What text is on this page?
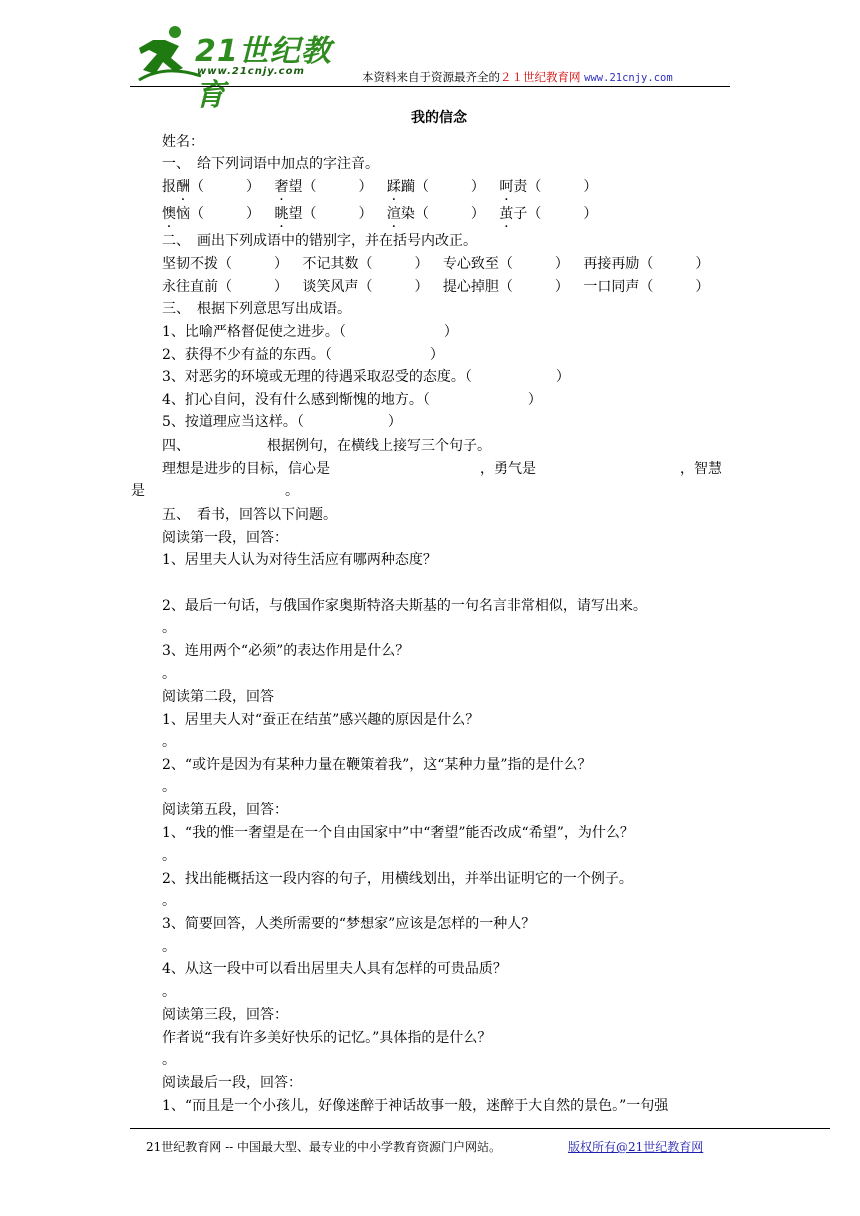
21世纪教育
www.21cnjy.com	本资料来自于资源最齐全的２１世纪教育网 www.21cnjy.com
我的信念
姓名：
一、　给下列词语中加点的字注音。
报酬（　　　） 奢望（　　　） 蹂躏（　　　） 呵责（　　　）
懊恼（　　　） 眺望（　　　） 渲染（　　　） 茧子（　　　）
二、　画出下列成语中的错别字，并在括号内改正。
坚韧不拨（　　　） 不记其数（　　　） 专心致至（　　　） 再接再励（　　　）
永往直前（　　　） 谈笑风声（　　　） 提心掉胆（　　　） 一口同声（　　　）
三、　根据下列意思写出成语。
1、比喻严格督促使之进步。（　　　　　　　）
2、获得不少有益的东西。（　　　　　　　）
3、对恶劣的环境或无理的待遇采取忍受的态度。（　　　　　　）
4、扪心自问，没有什么感到惭愧的地方。（　　　　　　　）
5、按道理应当这样。（　　　　　　）
四、　　　　　　根据例句，在横线上接写三个句子。
理想是进步的目标，信心是	，勇气是	，智慧
是　　　　　　　　　　。
五、　看书，回答以下问题。
阅读第一段，回答：
1、居里夫人认为对待生活应有哪两种态度？
2、最后一句话，与俄国作家奥斯特洛夫斯基的一句名言非常相似，请写出来。
。
3、连用两个“必须”的表达作用是什么？
。
阅读第二段，回答
1、居里夫人对“蚕正在结茧”感兴趣的原因是什么？
。
2、“或许是因为有某种力量在鞭策着我”，这“某种力量”指的是什么？
。
阅读第五段，回答：
1、“我的惟一奢望是在一个自由国家中”中“奢望”能否改成“希望”，为什么？
。
2、找出能概括这一段内容的句子，用横线划出，并举出证明它的一个例子。
。
3、简要回答，人类所需要的“梦想家”应该是怎样的一种人？
。
4、从这一段中可以看出居里夫人具有怎样的可贵品质？
。
阅读第三段，回答：
作者说“我有许多美好快乐的记忆。”具体指的是什么？
。
阅读最后一段，回答：
1、“而且是一个小孩儿，好像迷醉于神话故事一般，迷醉于大自然的景色。”一句强
21世纪教育网 -- 中国最大型、最专业的中小学教育资源门户网站。	版权所有@21世纪教育网
